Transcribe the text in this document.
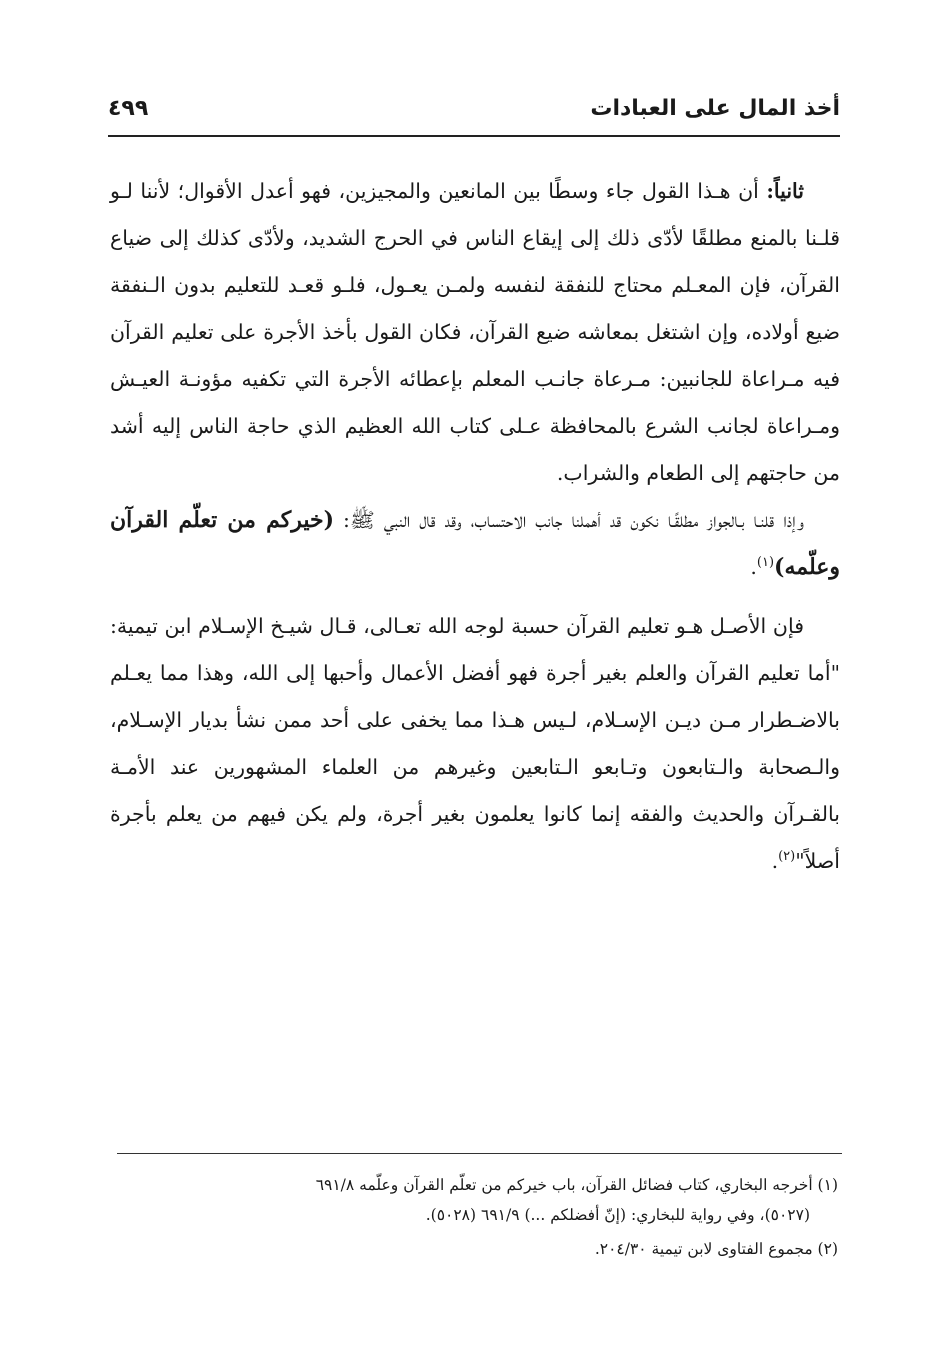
أخذ المال على العبادات
٤٩٩

ثانياً: أن هـذا القول جاء وسطًا بين المانعين والمجيزين، فهو أعدل الأقوال؛ لأننا لـو قلـنا بالمنع مطلقًا لأدّى ذلك إلى إيقاع الناس في الحرج الشديد، ولأدّى كذلك إلى ضياع القرآن، فإن المعـلم محتاج للنفقة لنفسه ولمـن يعـول، فلـو قعـد للتعليم بدون الـنفقة ضيع أولاده، وإن اشتغل بمعاشه ضيع القرآن، فكان القول بأخذ الأجرة على تعليم القرآن فيه مـراعاة للجانبين: مـرعاة جانـب المعلم بإعطائه الأجرة التي تكفيه مؤونـة العيـش ومـراعاة لجانب الشرع بالمحافظة عـلى كتاب الله العظيم الذي حاجة الناس إليه أشد من حاجتهم إلى الطعام والشراب.

وإذا قلنـا بـالجواز مطلقًـا نكون قد أهملنا جانب الاحتساب، وقد قال النبي ﷺ: (خيركم من تعلّم القرآن وعلّمه)$^{(١)}$.

فإن الأصـل هـو تعليم القرآن حسبة لوجه الله تعـالى، قـال شيـخ الإسـلام ابن تيمية: "أما تعليم القرآن والعلم بغير أجرة فهو أفضل الأعمال وأحبها إلى الله، وهذا مما يعـلم بالاضـطرار مـن ديـن الإسـلام، لـيس هـذا مما يخفى على أحد ممن نشأ بديار الإسـلام، والـصحابة والـتابعون وتـابعو الـتابعين وغيرهم من العلماء المشهورين عند الأمـة بالقـرآن والحديث والفقه إنما كانوا يعلمون بغير أجرة، ولم يكن فيهم من يعلم بأجرة أصلاً"$^{(٢)}$.

(١) أخرجه البخاري، كتاب فضائل القرآن، باب خيركم من تعلّم القرآن وعلّمه ٦٩١/٨
(٥٠٢٧)، وفي رواية للبخاري: (إنّ أفضلكم ...) ٦٩١/٩ (٥٠٢٨).

(٢) مجموع الفتاوى لابن تيمية ٢٠٤/٣٠.
